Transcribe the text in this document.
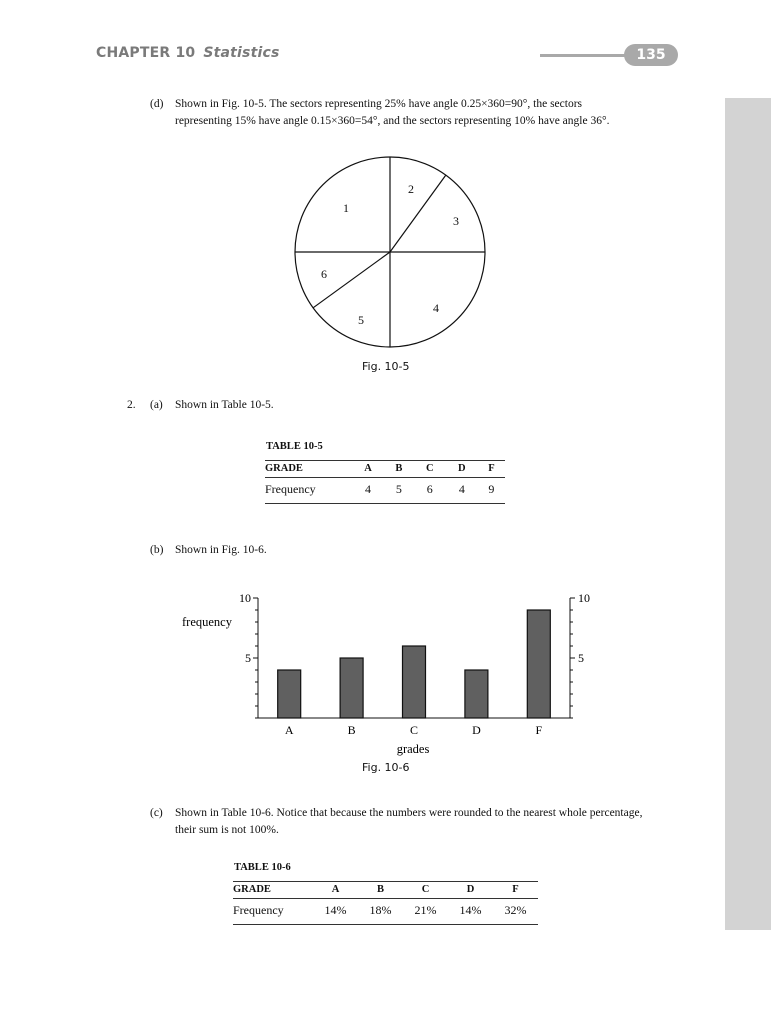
CHAPTER 10 Statistics	135
(d) Shown in Fig. 10-5. The sectors representing 25% have angle 0.25×360=90°, the sectors
representing 15% have angle 0.15×360=54°, and the sectors representing 10% have angle 36°.
1
2
3
4
5
6
Fig. 10-5
2. (a) Shown in Table 10-5.
TABLE 10-5
GRADE	A	B	C	D	F
Frequency	4	5	6	4	9
(b) Shown in Fig. 10-6.
frequency
grades
5	5
10	10
A	B	C	D	F
Fig. 10-6
(c) Shown in Table 10-6. Notice that because the numbers were rounded to the nearest whole percentage,
their sum is not 100%.
TABLE 10-6
GRADE	A	B	C	D	F
Frequency	14%	18%	21%	14%	32%
